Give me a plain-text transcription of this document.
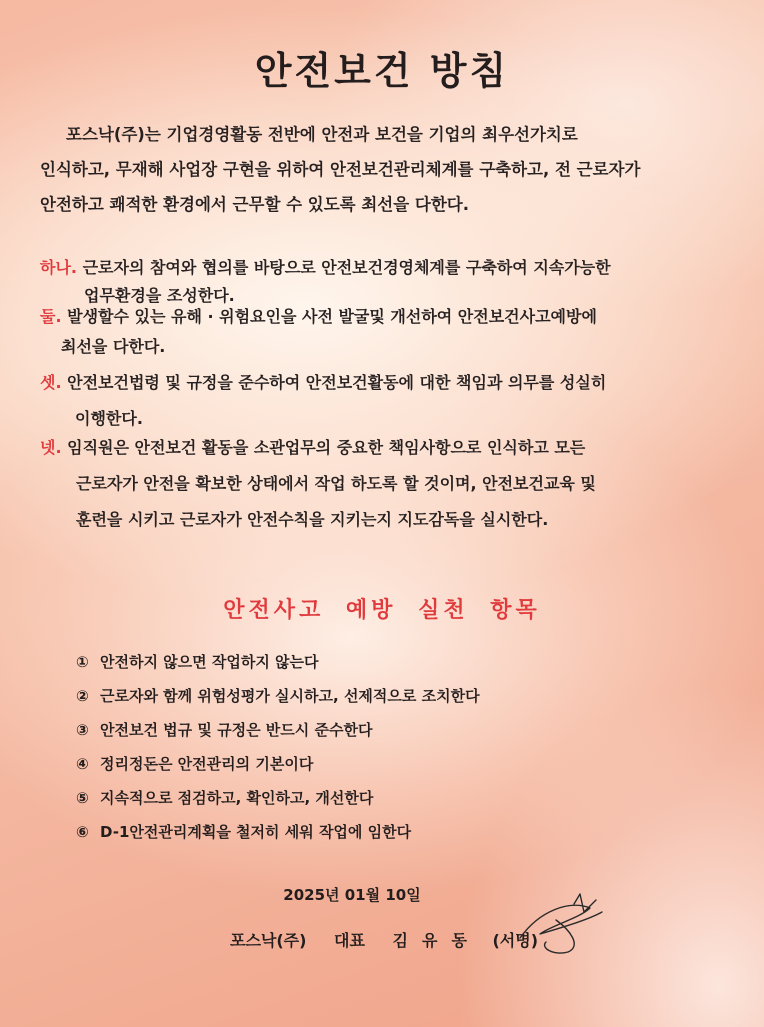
안전보건 방침
포스낙(주)는 기업경영활동 전반에 안전과 보건을 기업의 최우선가치로
인식하고, 무재해 사업장 구현을 위하여 안전보건관리체계를 구축하고, 전 근로자가
안전하고 쾌적한 환경에서 근무할 수 있도록 최선을 다한다.
하나. 근로자의 참여와 협의를 바탕으로 안전보건경영체계를 구축하여 지속가능한
업무환경을 조성한다.
둘. 발생할수 있는 유해 · 위험요인을 사전 발굴및 개선하여 안전보건사고예방에
최선을 다한다.
셋. 안전보건법령 및 규정을 준수하여 안전보건활동에 대한 책임과 의무를 성실히
이행한다.
넷. 임직원은 안전보건 활동을 소관업무의 중요한 책임사항으로 인식하고 모든
근로자가 안전을 확보한 상태에서 작업 하도록 할 것이며, 안전보건교육 및
훈련을 시키고 근로자가 안전수칙을 지키는지 지도감독을 실시한다.
안전사고 예방 실천 항목
① 안전하지 않으면 작업하지 않는다
② 근로자와 함께 위험성평가 실시하고, 선제적으로 조치한다
③ 안전보건 법규 및 규정은 반드시 준수한다
④ 정리정돈은 안전관리의 기본이다
⑤ 지속적으로 점검하고, 확인하고, 개선한다
⑥ D-1안전관리계획을 철저히 세워 작업에 임한다
2025년 01월 10일
포스낙(주) 대표 김유동 (서명)
